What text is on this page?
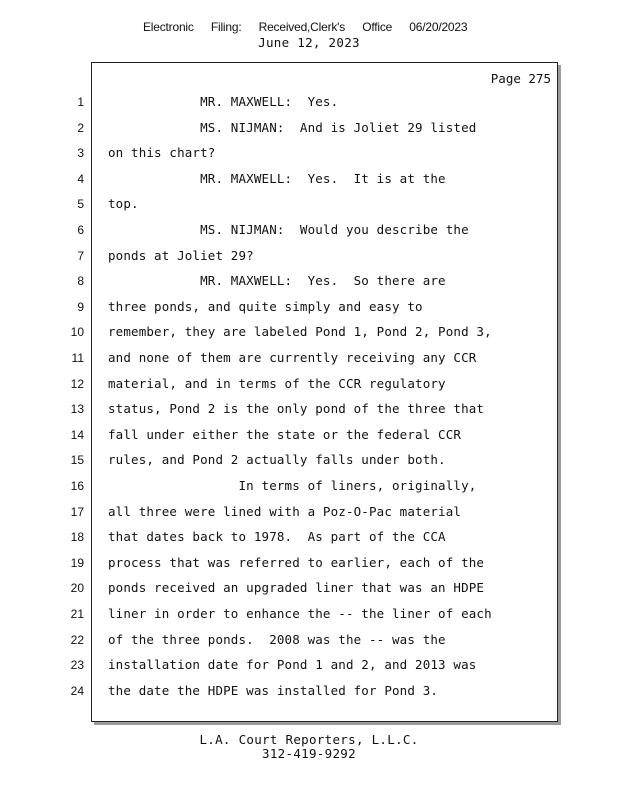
Electronic Filing: Received,Clerk's Office 06/20/2023
June 12, 2023
Page 275
1 MR. MAXWELL:  Yes.
2 MS. NIJMAN:  And is Joliet 29 listed
3 on this chart?
4 MR. MAXWELL:  Yes.  It is at the
5 top.
6 MS. NIJMAN:  Would you describe the
7 ponds at Joliet 29?
8 MR. MAXWELL:  Yes.  So there are
9 three ponds, and quite simply and easy to
10 remember, they are labeled Pond 1, Pond 2, Pond 3,
11 and none of them are currently receiving any CCR
12 material, and in terms of the CCR regulatory
13 status, Pond 2 is the only pond of the three that
14 fall under either the state or the federal CCR
15 rules, and Pond 2 actually falls under both.
16 In terms of liners, originally,
17 all three were lined with a Poz-O-Pac material
18 that dates back to 1978.  As part of the CCA
19 process that was referred to earlier, each of the
20 ponds received an upgraded liner that was an HDPE
21 liner in order to enhance the -- the liner of each
22 of the three ponds.  2008 was the -- was the
23 installation date for Pond 1 and 2, and 2013 was
24 the date the HDPE was installed for Pond 3.
L.A. Court Reporters, L.L.C.
312-419-9292
